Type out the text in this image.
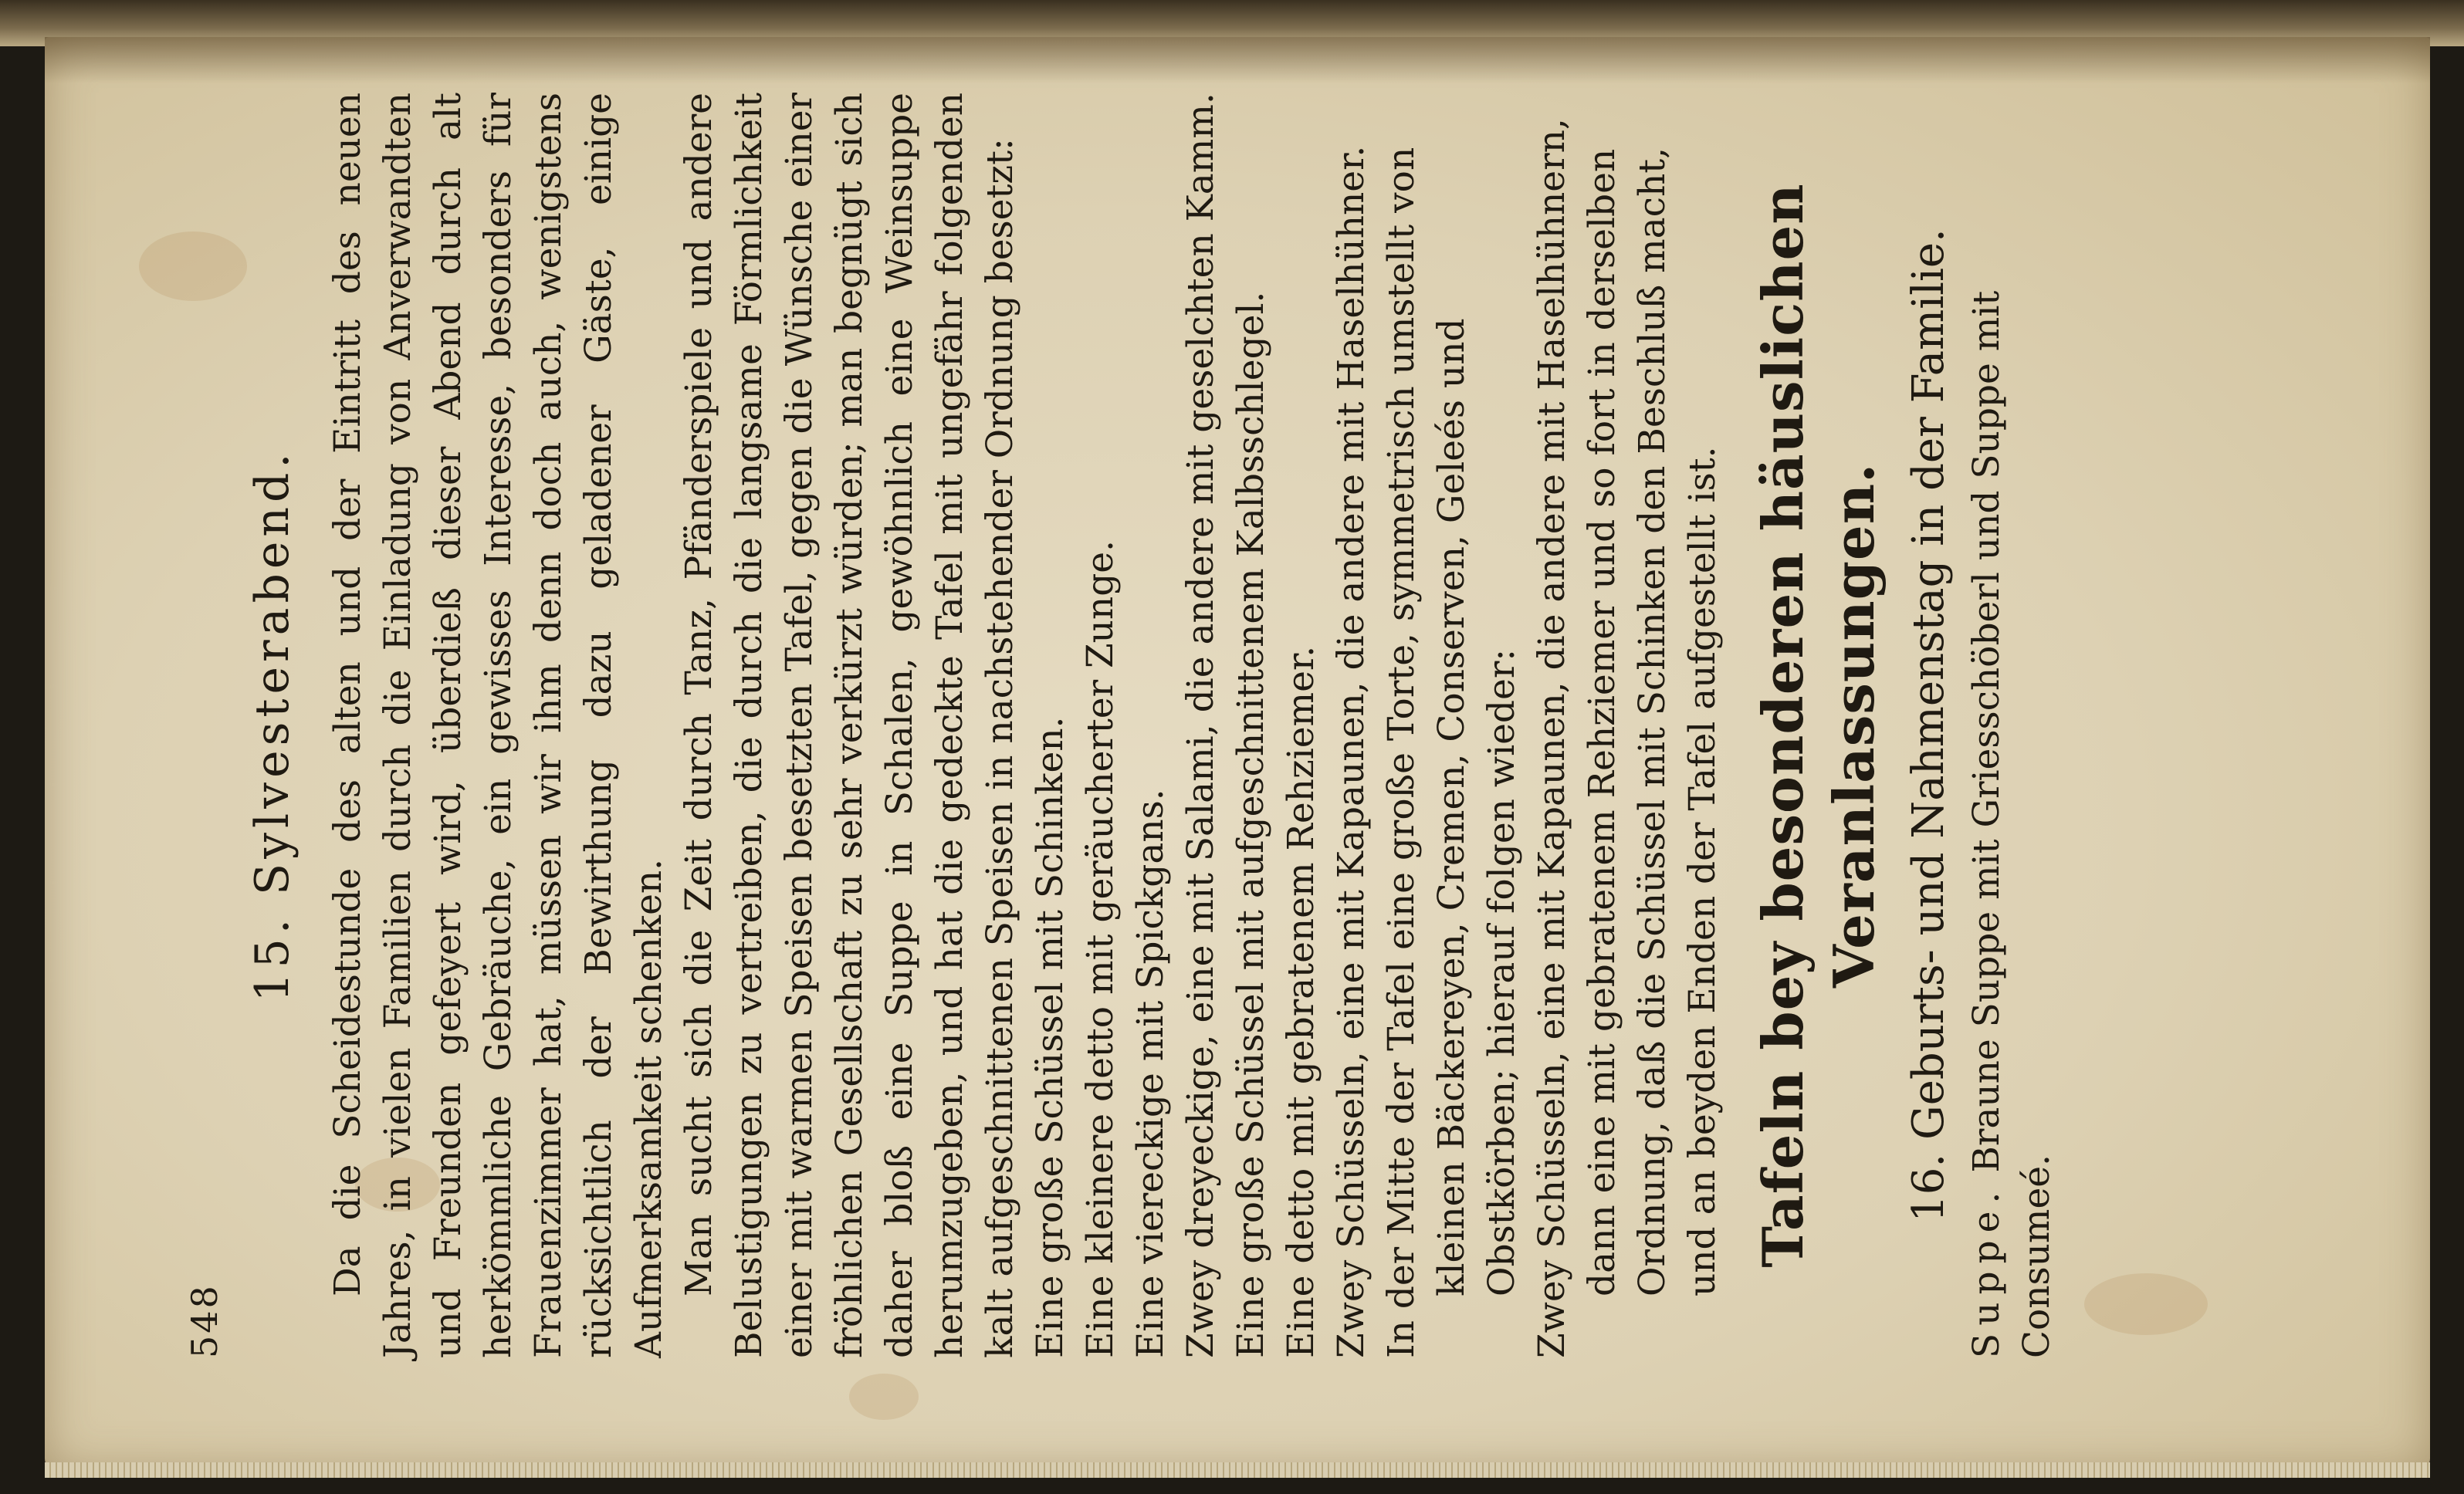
548
15. Sylvesterabend. Da die Scheidestunde des alten und der Eintritt des neuen Jahres, in vielen Familien durch die Einladung von Anverwandten und Freunden gefeyert wird, überdieß dieser Abend durch alt herkömmliche Gebräuche, ein gewisses Interesse, besonders für Frauenzimmer hat, müssen wir ihm denn doch auch, wenigstens rücksichtlich der Bewirthung dazu geladener Gäste, einige Aufmerksamkeit schenken. Man sucht sich die Zeit durch Tanz, Pfänderspiele und andere Belustigungen zu vertreiben, die durch die langsame Förmlichkeit einer mit warmen Speisen besetzten Tafel, gegen die Wünsche einer fröhlichen Gesellschaft zu sehr verkürzt würden; man begnügt sich daher bloß eine Suppe in Schalen, gewöhnlich eine Weinsuppe herumzugeben, und hat die gedeckte Tafel mit ungefähr folgenden kalt aufgeschnittenen Speisen in nachstehender Ordnung besetzt: Eine große Schüssel mit Schinken. Eine kleinere detto mit geräucherter Zunge. Eine viereckige mit Spickgans. Zwey dreyeckige, eine mit Salami, die andere mit geselchten Kamm. Eine große Schüssel mit aufgeschnittenem Kalbsschlegel. Eine detto mit gebratenem Rehziemer. Zwey Schüsseln, eine mit Kapaunen, die andere mit Haselhühner. In der Mitte der Tafel eine große Torte, symmetrisch umstellt von kleinen Bäckereyen, Cremen, Conserven, Geleés und Obstkörben; hierauf folgen wieder: Zwey Schüsseln, eine mit Kapaunen, die andere mit Haselhühnern, dann eine mit gebratenem Rehziemer und so fort in derselben Ordnung, daß die Schüssel mit Schinken den Beschluß macht, und an beyden Enden der Tafel aufgestellt ist. Tafeln bey besonderen häuslichen Veranlassungen. 16. Geburts- und Nahmenstag in der Familie.

Suppe. Braune Suppe mit Griesschöberl und Suppe mit Consumeé.
